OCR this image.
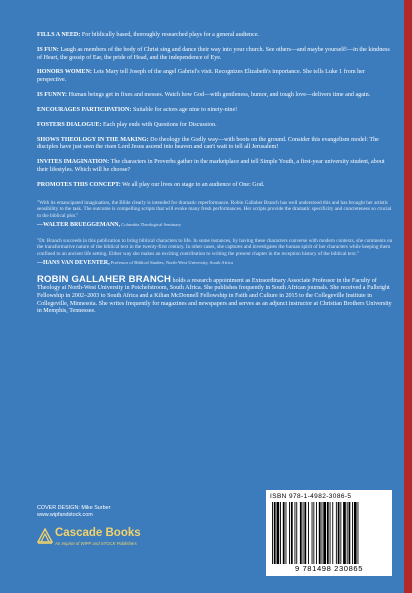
FILLS A NEED: For biblically based, thoroughly researched plays for a general audience.

IS FUN: Laugh as members of the body of Christ sing and dance their way into your church. See others—and maybe yourself!—in the kindness of Heart, the gossip of Ear, the pride of Head, and the independence of Eye.

HONORS WOMEN: Lets Mary tell Joseph of the angel Gabriel's visit. Recognizes Elizabeth's importance. She tells Luke 1 from her perspective.

IS FUNNY: Human beings get in fixes and messes. Watch how God—with gentleness, humor, and tough love—delivers time and again.

ENCOURAGES PARTICIPATION: Suitable for actors age nine to ninety-nine!

FOSTERS DIALOGUE: Each play ends with Questions for Discussion.

SHOWS THEOLOGY IN THE MAKING: Do theology the Godly way—with boots on the ground. Consider this evangelism model: The disciples have just seen the risen Lord Jesus ascend into heaven and can't wait to tell all Jerusalem!

INVITES IMAGINATION: The characters in Proverbs gather in the marketplace and tell Simple Youth, a first-year university student, about their lifestyles. Which will he choose?

PROMOTES THIS CONCEPT: We all play our lives on stage to an audience of One: God.

"With its emancipated imagination, the Bible clearly is intended for dramatic reperformance. Robin Gallaher Branch has well understood this and has brought her artistic sensibility to the task. The outcome is compelling scripts that will evoke many fresh performances. Her scripts provide the dramatic specificity and concreteness so crucial to the biblical plot."

—WALTER BRUEGGEMANN, Columbia Theological Seminary

"Dr. Branch succeeds in this publication to bring biblical characters to life. In some instances, by having these characters converse with modern contexts, she comments on the transformative nature of the biblical text in the twenty-first century. In other cases, she captures and investigates the human spirit of her characters while keeping them confined to an ancient life setting. Either way she makes an exciting contribution to writing the present chapter in the reception history of the biblical text."

—HANS VAN DEVENTER, Professor of Biblical Studies, North-West University, South Africa

ROBIN GALLAHER BRANCH holds a research appointment as Extraordinary Associate Professor in the Faculty of Theology at North-West University in Potchefstroom, South Africa. She publishes frequently in South African journals. She received a Fulbright Fellowship in 2002–2003 to South Africa and a Kilian McDonnell Fellowship in Faith and Culture in 2015 to the Collegeville Institute in Collegeville, Minnesota. She writes frequently for magazines and newspapers and serves as an adjunct instructor at Christian Brothers University in Memphis, Tennessee.

COVER DESIGN: Mike Surber
www.wipfandstock.com
Cascade Books
An Imprint of WIPF and STOCK Publishers
ISBN 978-1-4982-3086-5
9 781498 230865
